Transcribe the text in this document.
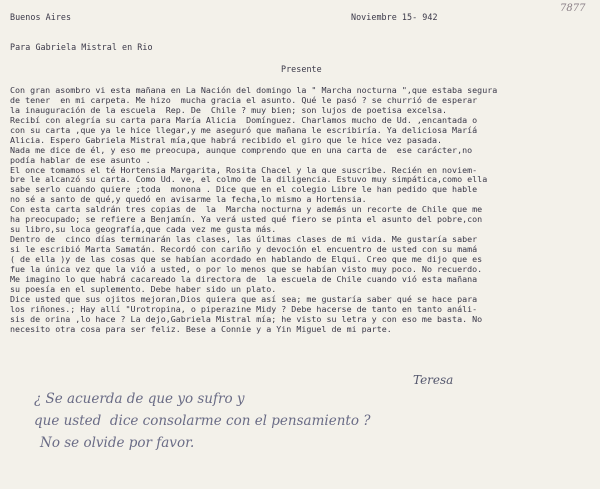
Buenos Aires	Noviembre 15- 942
7877
Para Gabriela Mistral en Rio
Presente
Con gran asombro vi esta mañana en La Nación del domingo la " Marcha nocturna ",que estaba segura
de tener  en mi carpeta. Me hizo  mucha gracia el asunto. Qué le pasó ? se churrió de esperar
la inauguración de la escuela  Rep. De  Chile ? muy bien; son lujos de poetisa excelsa.
Recibí con alegría su carta para María Alicia  Domínguez. Charlamos mucho de Ud. ,encantada o
con su carta ,que ya le hice llegar,y me aseguró que mañana le escribiría. Ya deliciosa Marí́a
Alicia. Espero Gabriela Mistral mía,que habrá recibido el giro que le hice vez pasada.
Nada me dice de él, y eso me preocupa, aunque comprendo que en una carta de  ese carácter,no
podía hablar de ese asunto .
El once tomamos el té Hortensia Margarita, Rosita Chacel y la que suscribe. Recién en noviem-
bre le alcanzó su carta. Como Ud. ve, el colmo de la diligencia. Estuvo muy simpática,como ella
sabe serlo cuando quiere ;toda  monona . Dice que en el colegio Libre le han pedido que hable
no sé a santo de qué,y quedó en avisarme la fecha,lo mismo a Hortensia.
Con esta carta saldrán tres copias de  la  Marcha nocturna y además un recorte de Chile que me
ha preocupado; se refiere a Benjamín. Ya verá usted qué fiero se pinta el asunto del pobre,con
su libro,su loca geografía,que cada vez me gusta más.
Dentro de  cinco días terminarán las clases, las últimas clases de mi vida. Me gustaría saber
si le escribió Marta Samatán. Recordó con cariño y devoción el encuentro de usted con su mamá
( de ella )y de las cosas que se habían acordado en hablando de Elqui. Creo que me dijo que es
fue la única vez que la vió a usted, o por lo menos que se habían visto muy poco. No recuerdo.
Me imagino lo que habrá cacareado la directora de  la escuela de Chile cuando vió esta mañana
su poesía en el suplemento. Debe haber sido un plato.
Dice usted que sus ojitos mejoran,Dios quiera que así sea; me gustaría saber qué se hace para
los riñones.; Hay allí "Urotropina, o piperazine Midy ? Debe hacerse de tanto en tanto análi-
sis de orina ,lo hace ? La dejo,Gabriela Mistral mía; he visto su letra y con eso me basta. No
necesito otra cosa para ser feliz. Bese a Connie y a Yin Miguel de mi parte.
Teresa
¿ Se acuerda de que yo sufro y
que usted  dice consolarme con el pensamiento ?
No se olvide por favor.
